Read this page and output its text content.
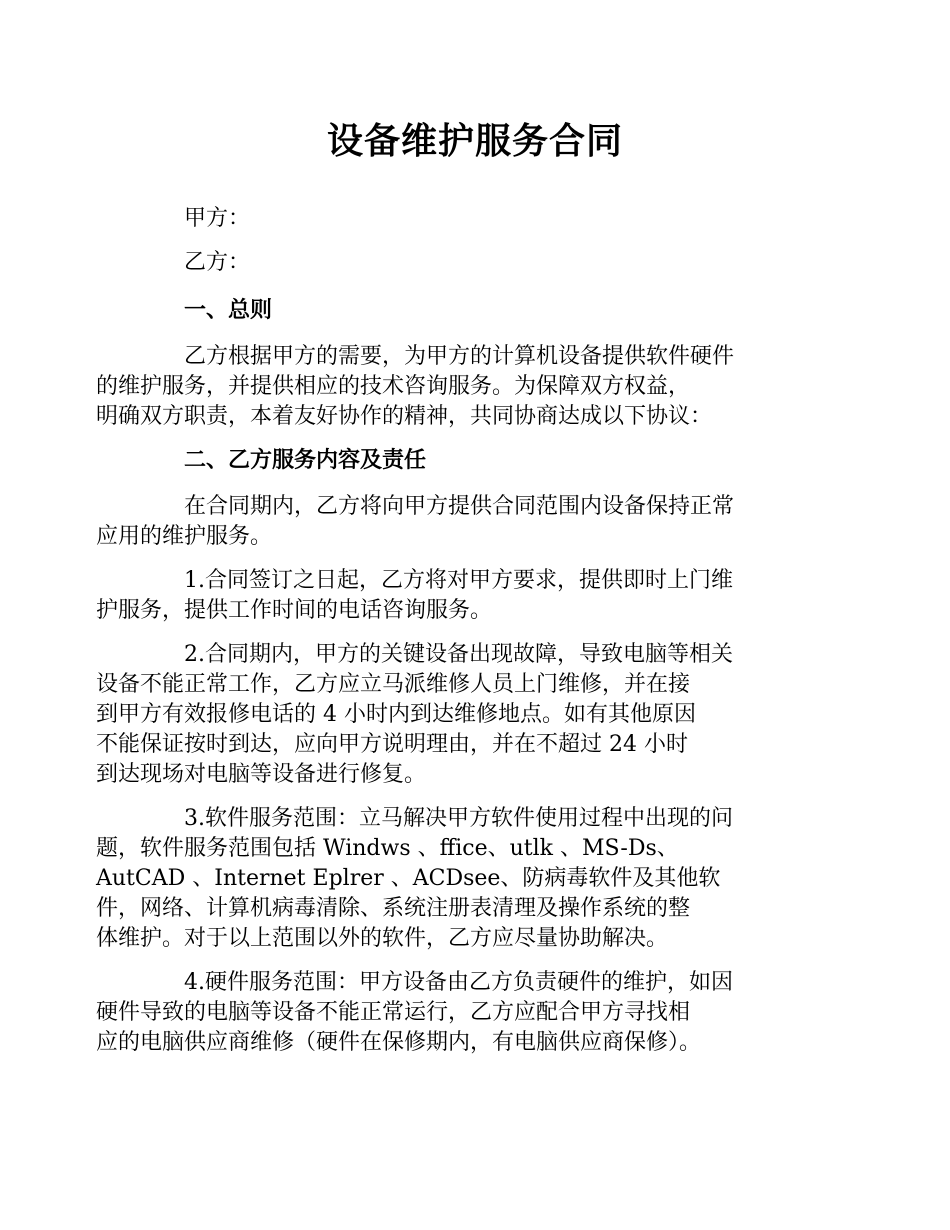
设备维护服务合同

甲方：

乙方：

一、总则

乙方根据甲方的需要，为甲方的计算机设备提供软件硬件
的维护服务，并提供相应的技术咨询服务。为保障双方权益，
明确双方职责，本着友好协作的精神，共同协商达成以下协议：

二、乙方服务内容及责任

在合同期内，乙方将向甲方提供合同范围内设备保持正常
应用的维护服务。

1.合同签订之日起，乙方将对甲方要求，提供即时上门维
护服务，提供工作时间的电话咨询服务。

2.合同期内，甲方的关键设备出现故障，导致电脑等相关
设备不能正常工作，乙方应立马派维修人员上门维修，并在接
到甲方有效报修电话的 4 小时内到达维修地点。如有其他原因
不能保证按时到达，应向甲方说明理由，并在不超过 24 小时
到达现场对电脑等设备进行修复。

3.软件服务范围：立马解决甲方软件使用过程中出现的问
题，软件服务范围包括 Windws 、ffice、utlk 、MS-Ds、
AutCAD 、Internet Eplrer 、ACDsee、防病毒软件及其他软
件，网络、计算机病毒清除、系统注册表清理及操作系统的整
体维护。对于以上范围以外的软件，乙方应尽量协助解决。

4.硬件服务范围：甲方设备由乙方负责硬件的维护，如因
硬件导致的电脑等设备不能正常运行，乙方应配合甲方寻找相
应的电脑供应商维修（硬件在保修期内，有电脑供应商保修）。
